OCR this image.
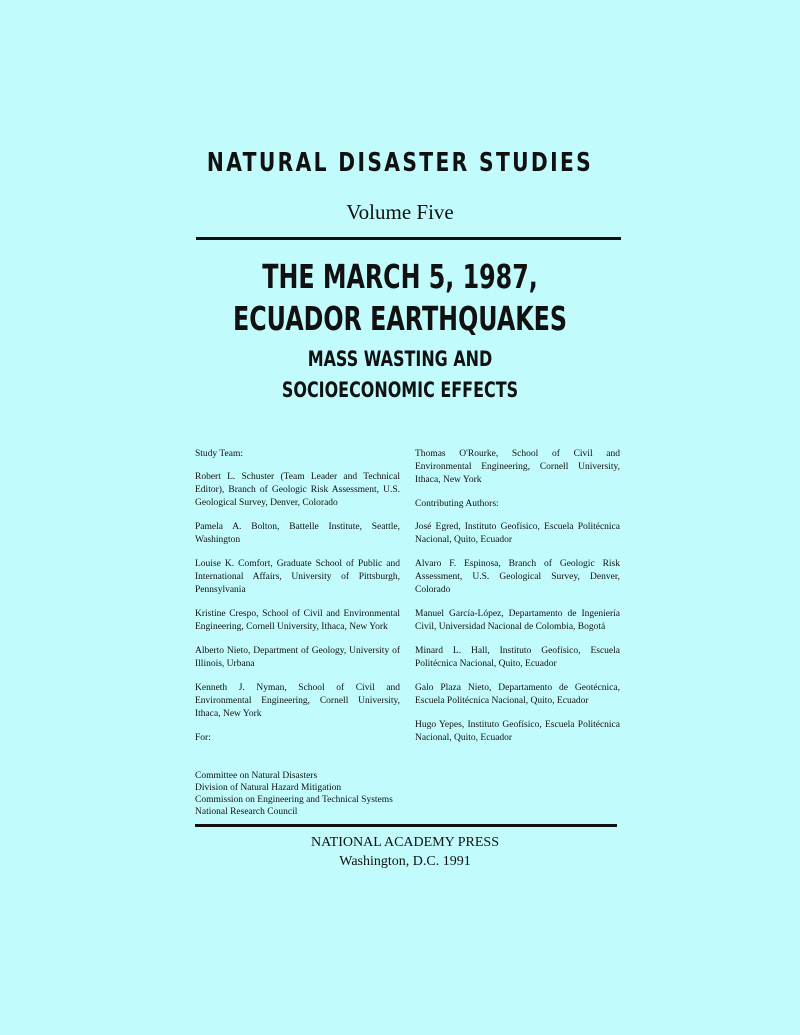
NATURAL DISASTER STUDIES
Volume Five
THE MARCH 5, 1987,
ECUADOR EARTHQUAKES
MASS WASTING AND
SOCIOECONOMIC EFFECTS
Study Team:
Robert L. Schuster (Team Leader and Technical Editor), Branch of Geologic Risk Assessment, U.S. Geological Survey, Denver, Colorado
Pamela A. Bolton, Battelle Institute, Seattle, Washington
Louise K. Comfort, Graduate School of Public and International Affairs, University of Pittsburgh, Pennsylvania
Kristine Crespo, School of Civil and Environmental Engineering, Cornell University, Ithaca, New York
Alberto Nieto, Department of Geology, University of Illinois, Urbana
Kenneth J. Nyman, School of Civil and Environmental Engineering, Cornell University, Ithaca, New York
For:
Thomas O'Rourke, School of Civil and Environmental Engineering, Cornell University, Ithaca, New York
Contributing Authors:
José Egred, Instituto Geofísico, Escuela Politécnica Nacional, Quito, Ecuador
Alvaro F. Espinosa, Branch of Geologic Risk Assessment, U.S. Geological Survey, Denver, Colorado
Manuel García-López, Departamento de Ingeniería Civil, Universidad Nacional de Colombia, Bogotá
Minard L. Hall, Instituto Geofísico, Escuela Politécnica Nacional, Quito, Ecuador
Galo Plaza Nieto, Departamento de Geotécnica, Escuela Politécnica Nacional, Quito, Ecuador
Hugo Yepes, Instituto Geofísico, Escuela Politécnica Nacional, Quito, Ecuador
Committee on Natural Disasters
Division of Natural Hazard Mitigation
Commission on Engineering and Technical Systems
National Research Council
NATIONAL ACADEMY PRESS
Washington, D.C. 1991
